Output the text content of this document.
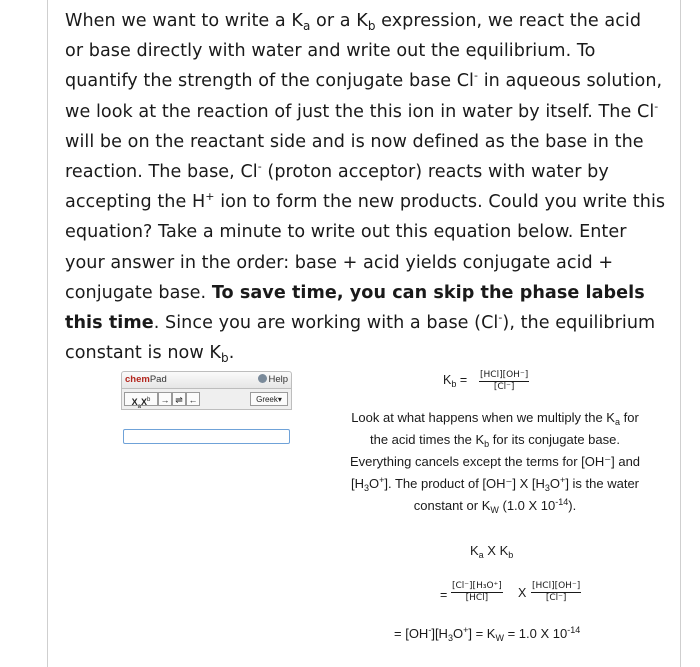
When we want to write a $K_a$ or a $K_b$ expression, we react the acid
or base directly with water and write out the equilibrium. To
quantify the strength of the conjugate base Cl- in aqueous solution,
we look at the reaction of just the this ion in water by itself. The Cl-
will be on the reactant side and is now defined as the base in the
reaction. The base, Cl- (proton acceptor) reacts with water by
accepting the H+ ion to form the new products. Could you write this
equation? Take a minute to write out this equation below. Enter
your answer in the order: base + acid yields conjugate acid +
conjugate base. To save time, you can skip the phase labels
this time. Since you are working with a base (Cl-), the equilibrium
constant is now $K_b$.
chemPad	Help
$X_aX^b$	→ ⇌ ←	Greek▾
$K_b = [HCl][OH^-]$
[Cl⁻]
Look at what happens when we multiply the $K_a$ for
the acid times the $K_b$ for its conjugate base.
Everything cancels except the terms for [OH⁻] and
$[H_3O^+]$. The product of [OH⁻] X $[H_3O^+]$ is the water
constant or $K_W$ (1.0 X $10^{-14}$).
$K_a$ X $K_b$
=
[Cl⁻][H₃O⁺]
[HCl]	X [HCl][OH⁻]
[Cl⁻]
= $[OH^-][H_3O^+] = K_W = 1.0$ X $10^{-14}$
